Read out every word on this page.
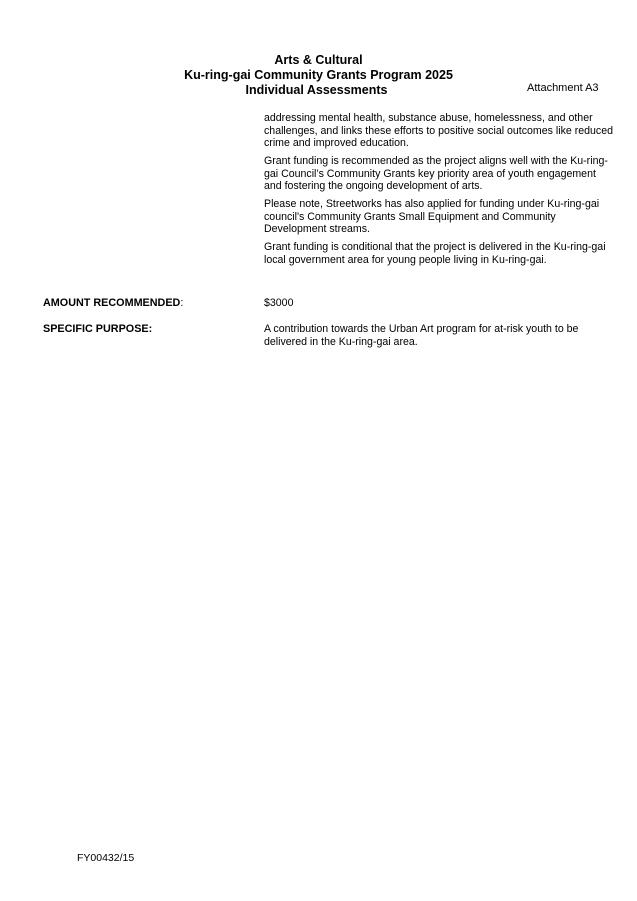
Arts & Cultural
Ku-ring-gai Community Grants Program 2025
Individual Assessments	Attachment A3

addressing mental health, substance abuse, homelessness, and other challenges, and links these efforts to positive social outcomes like reduced crime and improved education.

Grant funding is recommended as the project aligns well with the Ku-ring-gai Council’s Community Grants key priority area of youth engagement and fostering the ongoing development of arts.

Please note, Streetworks has also applied for funding under Ku-ring-gai council's Community Grants Small Equipment and Community Development streams.

Grant funding is conditional that the project is delivered in the Ku-ring-gai local government area for young people living in Ku-ring-gai.

AMOUNT RECOMMENDED:	$3000
SPECIFIC PURPOSE:	A contribution towards the Urban Art program for at-risk youth to be delivered in the Ku-ring-gai area.
FY00432/15
